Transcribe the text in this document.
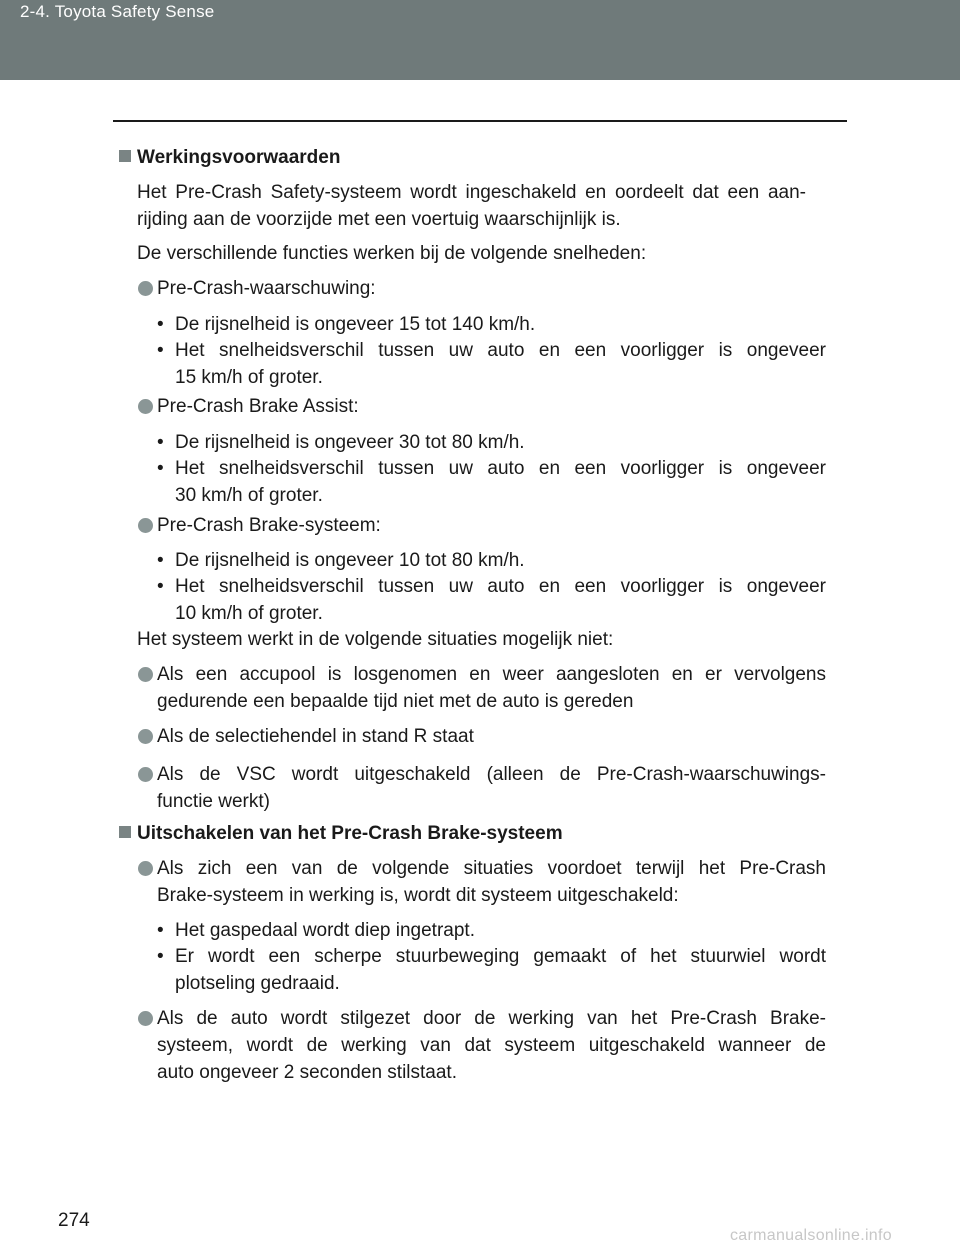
2-4. Toyota Safety Sense
Werkingsvoorwaarden
Het Pre-Crash Safety-systeem wordt ingeschakeld en oordeelt dat een aan-
rijding aan de voorzijde met een voertuig waarschijnlijk is.
De verschillende functies werken bij de volgende snelheden:
Pre-Crash-waarschuwing:
• De rijsnelheid is ongeveer 15 tot 140 km/h.
• Het snelheidsverschil tussen uw auto en een voorligger is ongeveer
15 km/h of groter.
Pre-Crash Brake Assist:
• De rijsnelheid is ongeveer 30 tot 80 km/h.
• Het snelheidsverschil tussen uw auto en een voorligger is ongeveer
30 km/h of groter.
Pre-Crash Brake-systeem:
• De rijsnelheid is ongeveer 10 tot 80 km/h.
• Het snelheidsverschil tussen uw auto en een voorligger is ongeveer
10 km/h of groter.
Het systeem werkt in de volgende situaties mogelijk niet:
Als een accupool is losgenomen en weer aangesloten en er vervolgens
gedurende een bepaalde tijd niet met de auto is gereden
Als de selectiehendel in stand R staat
Als de VSC wordt uitgeschakeld (alleen de Pre-Crash-waarschuwings-
functie werkt)
Uitschakelen van het Pre-Crash Brake-systeem
Als zich een van de volgende situaties voordoet terwijl het Pre-Crash
Brake-systeem in werking is, wordt dit systeem uitgeschakeld:
• Het gaspedaal wordt diep ingetrapt.
• Er wordt een scherpe stuurbeweging gemaakt of het stuurwiel wordt
plotseling gedraaid.
Als de auto wordt stilgezet door de werking van het Pre-Crash Brake-
systeem, wordt de werking van dat systeem uitgeschakeld wanneer de
auto ongeveer 2 seconden stilstaat.
274
carmanualsonline.info
